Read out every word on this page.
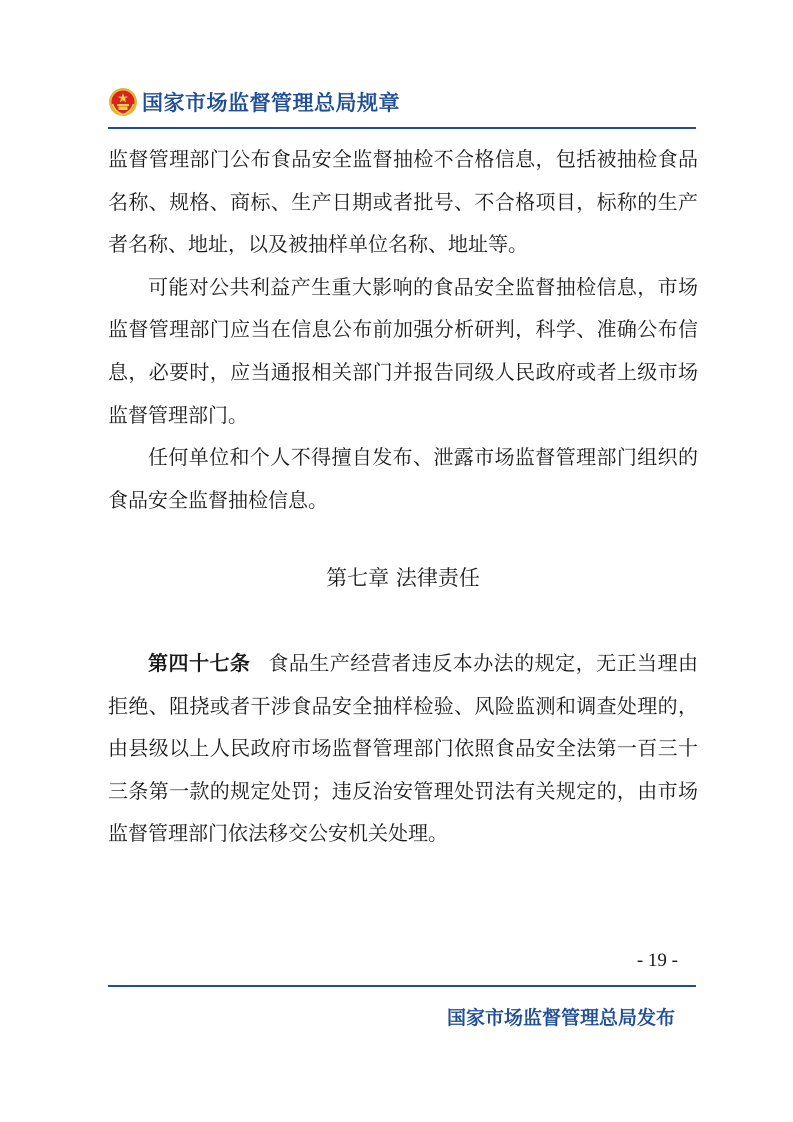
国家市场监督管理总局规章

监督管理部门公布食品安全监督抽检不合格信息，包括被抽检食品名称、规格、商标、生产日期或者批号、不合格项目，标称的生产者名称、地址，以及被抽样单位名称、地址等。

可能对公共利益产生重大影响的食品安全监督抽检信息，市场监督管理部门应当在信息公布前加强分析研判，科学、准确公布信息，必要时，应当通报相关部门并报告同级人民政府或者上级市场监督管理部门。

任何单位和个人不得擅自发布、泄露市场监督管理部门组织的食品安全监督抽检信息。

第七章 法律责任

第四十七条 食品生产经营者违反本办法的规定，无正当理由拒绝、阻挠或者干涉食品安全抽样检验、风险监测和调查处理的，由县级以上人民政府市场监督管理部门依照食品安全法第一百三十三条第一款的规定处罚；违反治安管理处罚法有关规定的，由市场监督管理部门依法移交公安机关处理。

- 19 -
国家市场监督管理总局发布
